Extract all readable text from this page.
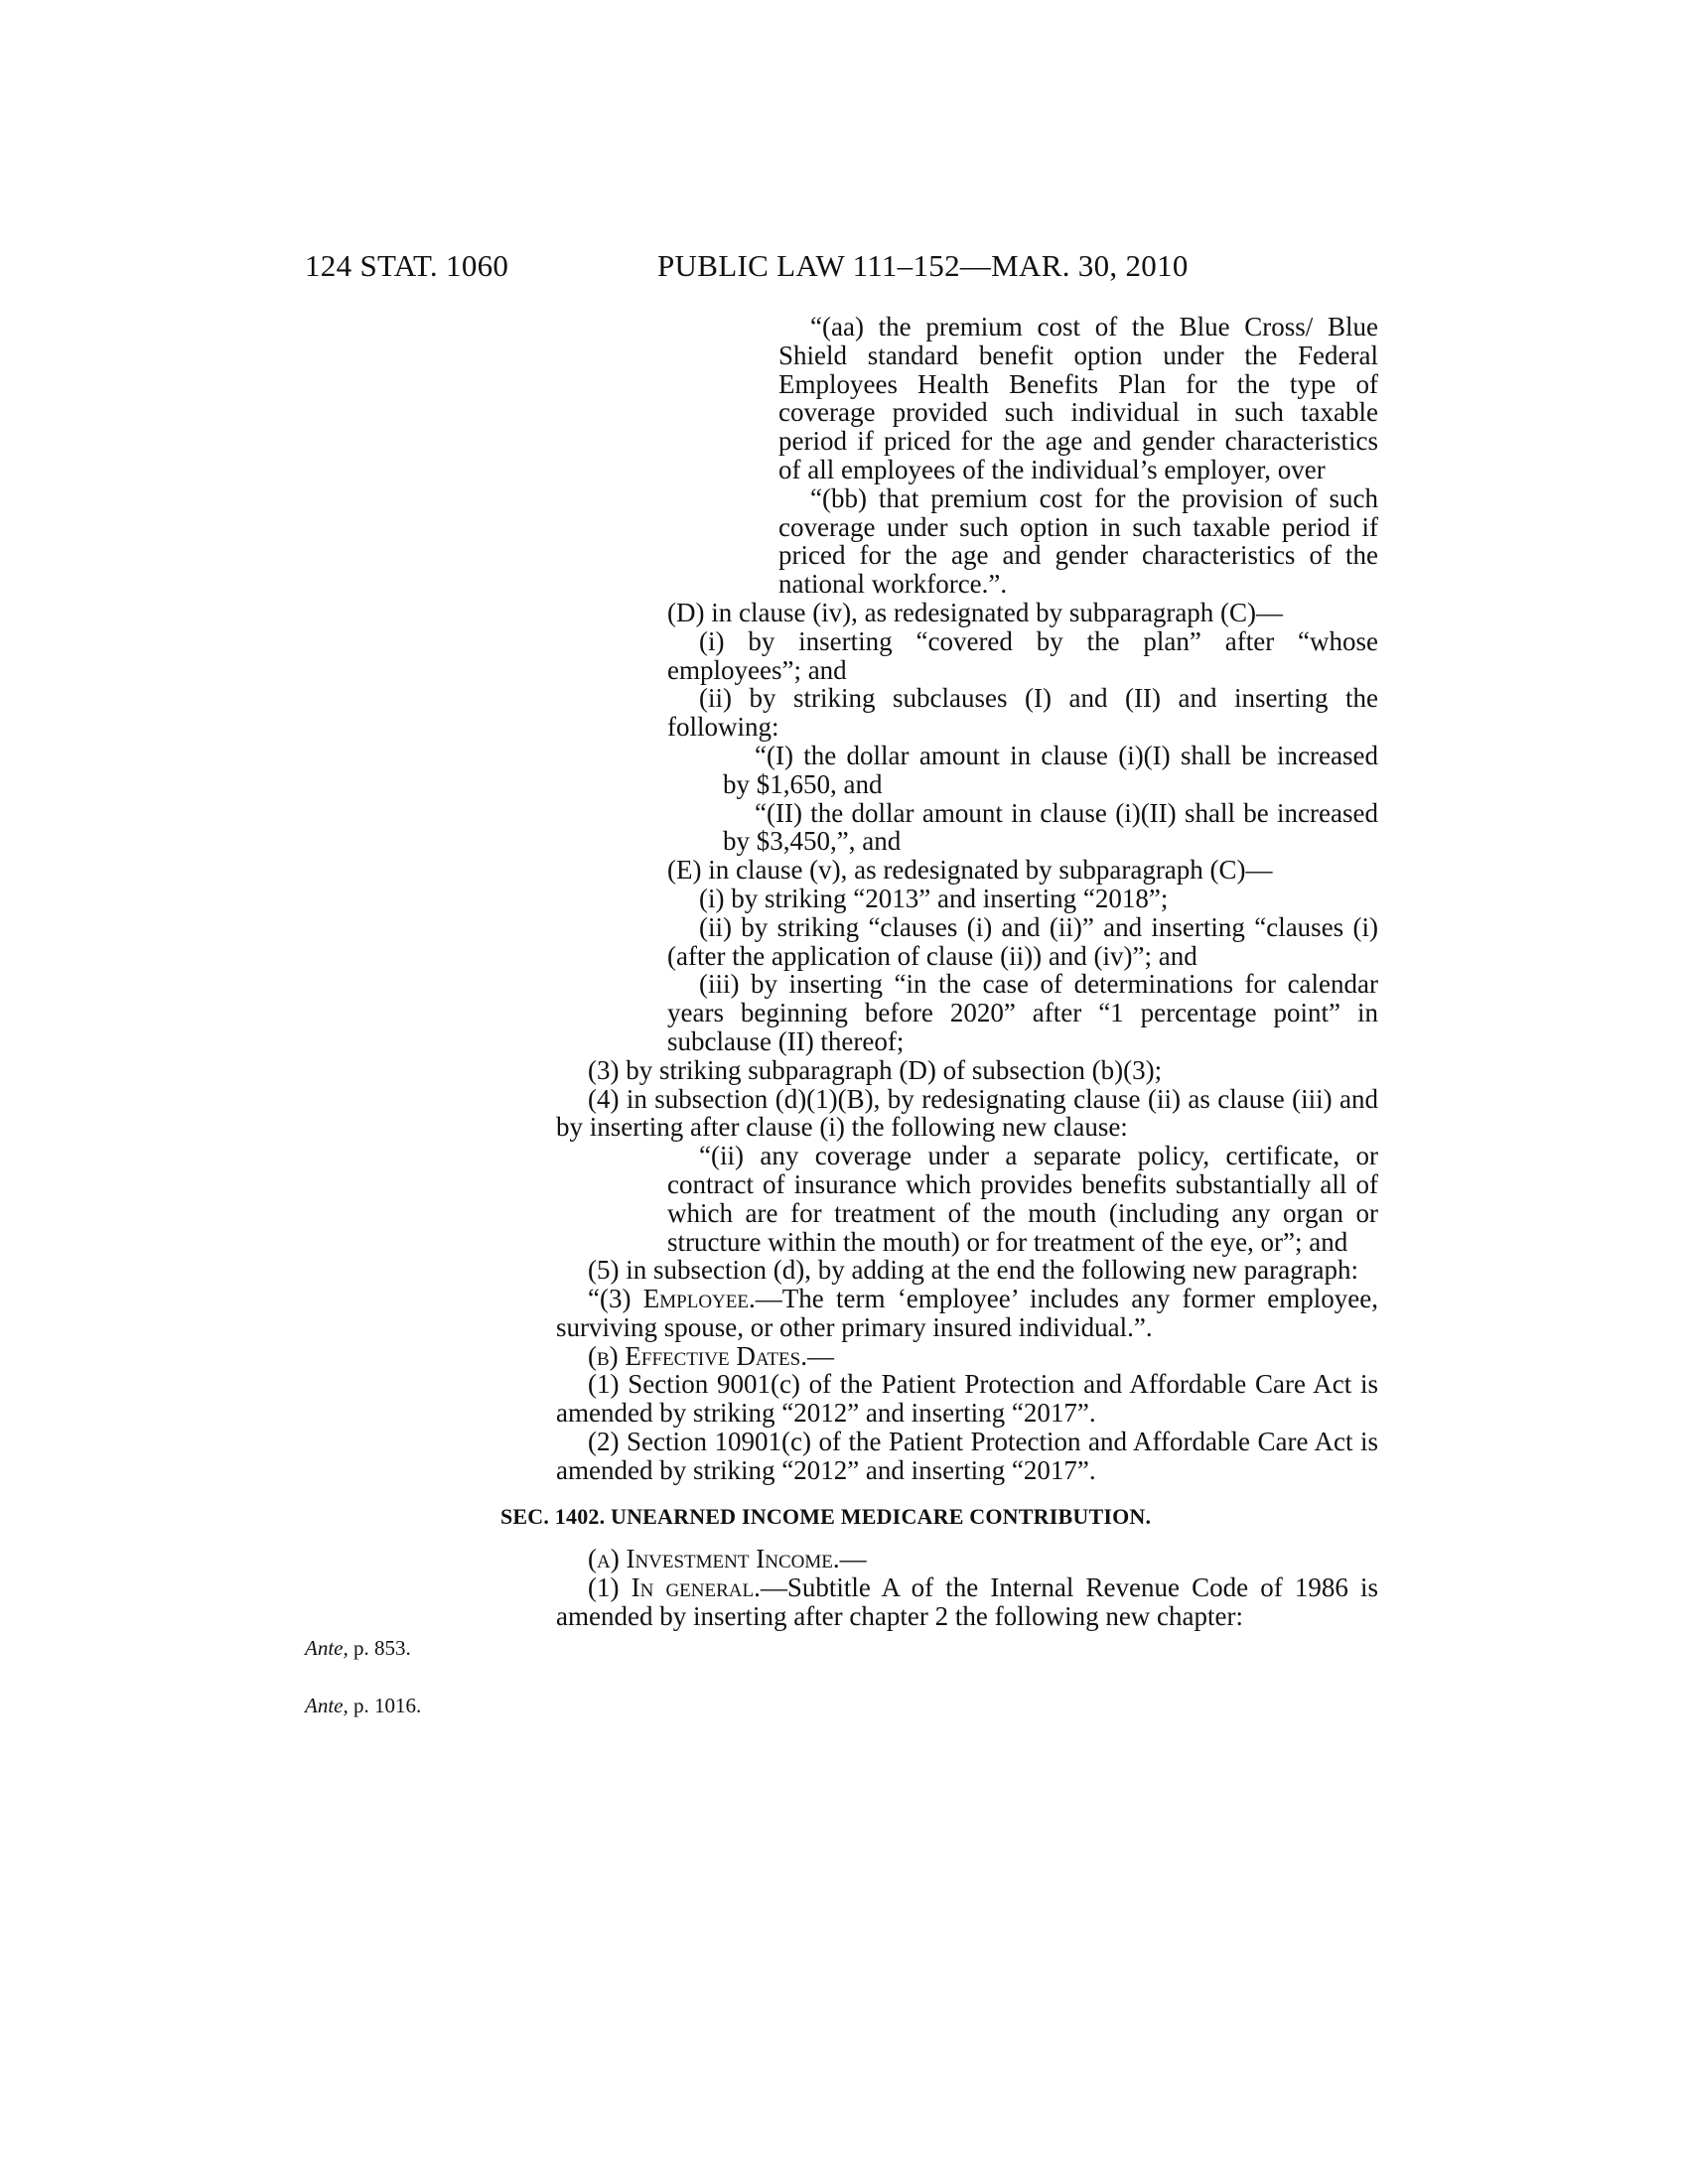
124 STAT. 1060	PUBLIC LAW 111–152—MAR. 30, 2010
Ante, p. 853.
Ante, p. 1016.

“(aa) the premium cost of the Blue Cross/ Blue Shield standard benefit option under the Federal Employees Health Benefits Plan for the type of coverage provided such individual in such taxable period if priced for the age and gender characteristics of all employees of the individual’s employer, over

“(bb) that premium cost for the provision of such coverage under such option in such taxable period if priced for the age and gender characteristics of the national workforce.”.

(D) in clause (iv), as redesignated by subparagraph (C)—

(i) by inserting “covered by the plan” after “whose employees”; and

(ii) by striking subclauses (I) and (II) and inserting the following:

“(I) the dollar amount in clause (i)(I) shall be increased by $1,650, and

“(II) the dollar amount in clause (i)(II) shall be increased by $3,450,”, and

(E) in clause (v), as redesignated by subparagraph (C)—

(i) by striking “2013” and inserting “2018”;

(ii) by striking “clauses (i) and (ii)” and inserting “clauses (i) (after the application of clause (ii)) and (iv)”; and

(iii) by inserting “in the case of determinations for calendar years beginning before 2020” after “1 percentage point” in subclause (II) thereof;

(3) by striking subparagraph (D) of subsection (b)(3);

(4) in subsection (d)(1)(B), by redesignating clause (ii) as clause (iii) and by inserting after clause (i) the following new clause:

“(ii) any coverage under a separate policy, certificate, or contract of insurance which provides benefits substantially all of which are for treatment of the mouth (including any organ or structure within the mouth) or for treatment of the eye, or”; and

(5) in subsection (d), by adding at the end the following new paragraph:

“(3) Employee.—The term ‘employee’ includes any former employee, surviving spouse, or other primary insured individual.”.

(b) Effective Dates.—

(1) Section 9001(c) of the Patient Protection and Affordable Care Act is amended by striking “2012” and inserting “2017”.

(2) Section 10901(c) of the Patient Protection and Affordable Care Act is amended by striking “2012” and inserting “2017”.

SEC. 1402. UNEARNED INCOME MEDICARE CONTRIBUTION.

(a) Investment Income.—

(1) In general.—Subtitle A of the Internal Revenue Code of 1986 is amended by inserting after chapter 2 the following new chapter:
